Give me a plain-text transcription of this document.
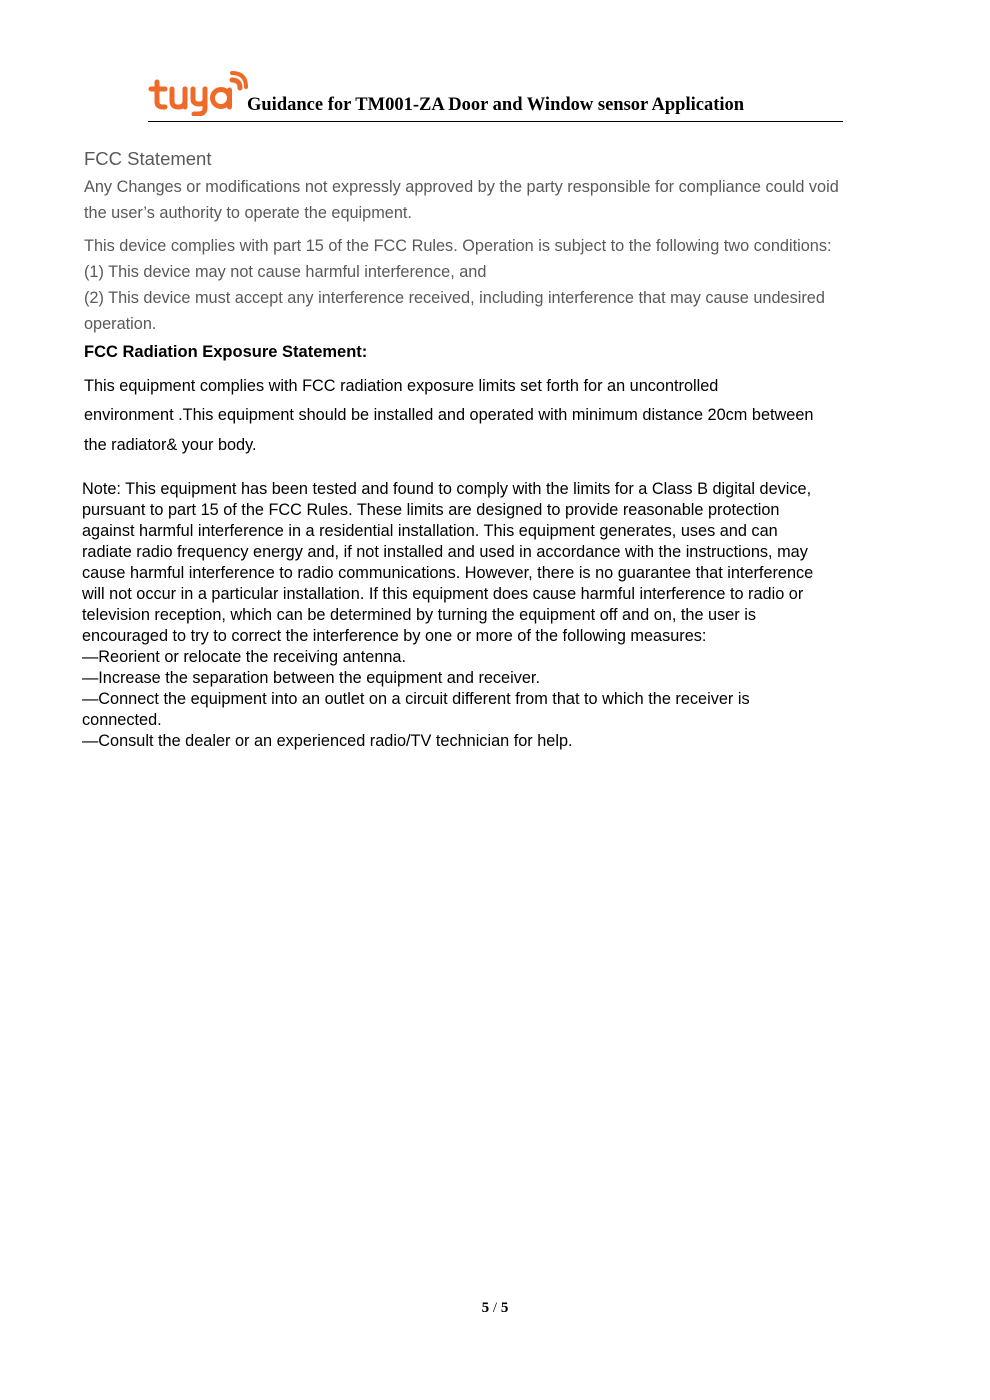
Guidance for TM001-ZA Door and Window sensor Application
FCC Statement
Any Changes or modifications not expressly approved by the party responsible for compliance could void
the user’s authority to operate the equipment.
This device complies with part 15 of the FCC Rules. Operation is subject to the following two conditions:
(1) This device may not cause harmful interference, and
(2) This device must accept any interference received, including interference that may cause undesired
operation.
FCC Radiation Exposure Statement:
This equipment complies with FCC radiation exposure limits set forth for an uncontrolled
environment .This equipment should be installed and operated with minimum distance 20cm between
the radiator& your body.
Note: This equipment has been tested and found to comply with the limits for a Class B digital device,
pursuant to part 15 of the FCC Rules. These limits are designed to provide reasonable protection
against harmful interference in a residential installation. This equipment generates, uses and can
radiate radio frequency energy and, if not installed and used in accordance with the instructions, may
cause harmful interference to radio communications. However, there is no guarantee that interference
will not occur in a particular installation. If this equipment does cause harmful interference to radio or
television reception, which can be determined by turning the equipment off and on, the user is
encouraged to try to correct the interference by one or more of the following measures:
—Reorient or relocate the receiving antenna.
—Increase the separation between the equipment and receiver.
—Connect the equipment into an outlet on a circuit different from that to which the receiver is
connected.
—Consult the dealer or an experienced radio/TV technician for help.
5 / 5
